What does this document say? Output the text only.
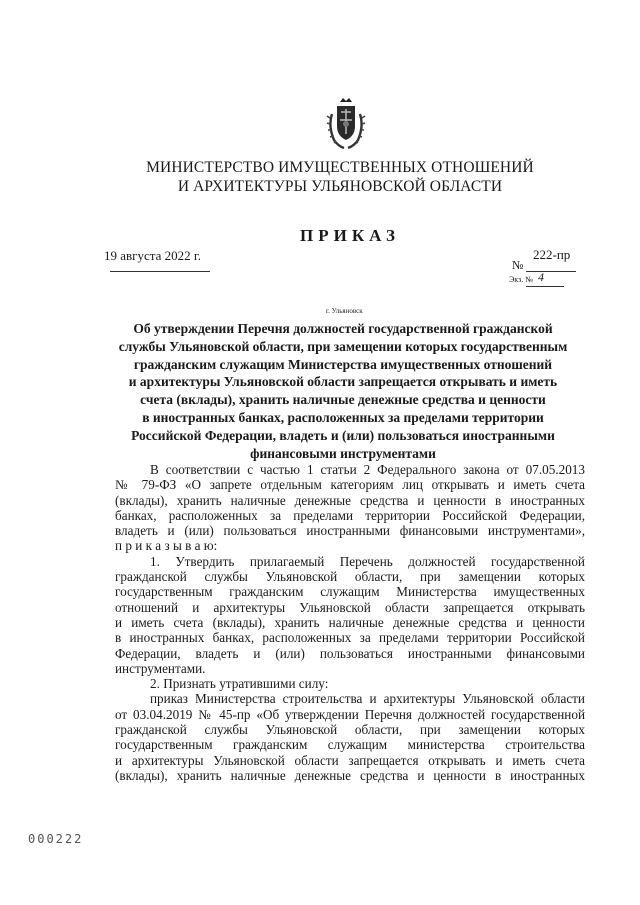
МИНИСТЕРСТВО ИМУЩЕСТВЕННЫХ ОТНОШЕНИЙ
И АРХИТЕКТУРЫ УЛЬЯНОВСКОЙ ОБЛАСТИ
ПРИКАЗ
19 августа 2022 г.	222-пр
№
Экз. № 4
г. Ульяновск
Об утверждении Перечня должностей государственной гражданской
службы Ульяновской области, при замещении которых государственным
гражданским служащим Министерства имущественных отношений
и архитектуры Ульяновской области запрещается открывать и иметь
счета (вклады), хранить наличные денежные средства и ценности
в иностранных банках, расположенных за пределами территории
Российской Федерации, владеть и (или) пользоваться иностранными
финансовыми инструментами
В соответствии с частью 1 статьи 2 Федерального закона от 07.05.2013
№ 79-ФЗ «О запрете отдельным категориям лиц открывать и иметь счета
(вклады), хранить наличные денежные средства и ценности в иностранных
банках, расположенных за пределами территории Российской Федерации,
владеть и (или) пользоваться иностранными финансовыми инструментами»,
п р и к а з ы в а ю:
1. Утвердить прилагаемый Перечень должностей государственной
гражданской службы Ульяновской области, при замещении которых
государственным гражданским служащим Министерства имущественных
отношений и архитектуры Ульяновской области запрещается открывать
и иметь счета (вклады), хранить наличные денежные средства и ценности
в иностранных банках, расположенных за пределами территории Российской
Федерации, владеть и (или) пользоваться иностранными финансовыми
инструментами.
2. Признать утратившими силу:
приказ Министерства строительства и архитектуры Ульяновской области
от 03.04.2019 № 45-пр «Об утверждении Перечня должностей государственной
гражданской службы Ульяновской области, при замещении которых
государственным гражданским служащим министерства строительства
и архитектуры Ульяновской области запрещается открывать и иметь счета
(вклады), хранить наличные денежные средства и ценности в иностранных
000222
